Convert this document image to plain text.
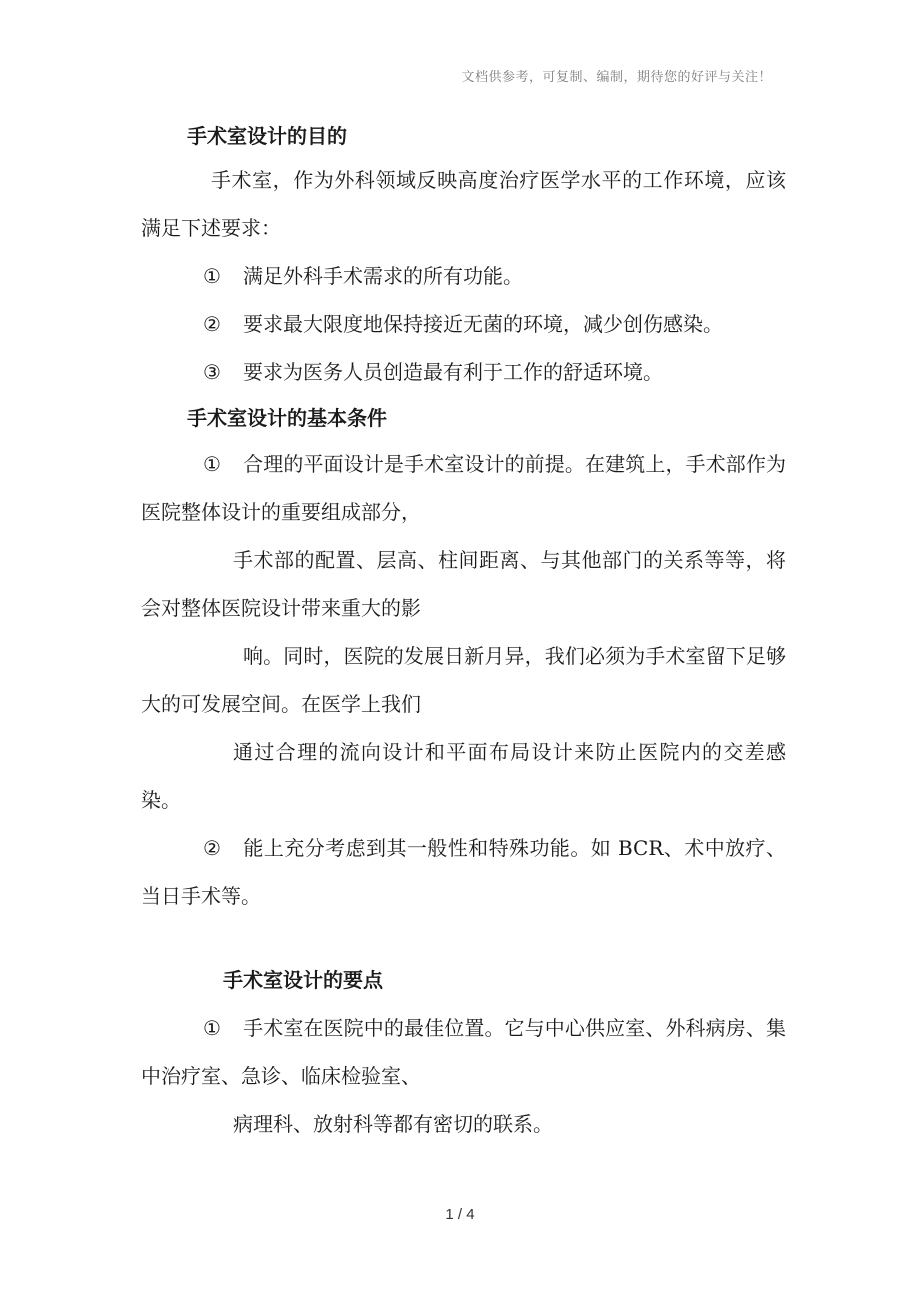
文档供参考，可复制、编制，期待您的好评与关注！
手术室设计的目的

手术室，作为外科领域反映高度治疗医学水平的工作环境，应该满足下述要求：

① 满足外科手术需求的所有功能。

② 要求最大限度地保持接近无菌的环境，减少创伤感染。

③ 要求为医务人员创造最有利于工作的舒适环境。

手术室设计的基本条件

① 合理的平面设计是手术室设计的前提。在建筑上，手术部作为医院整体设计的重要组成部分，

手术部的配置、层高、柱间距离、与其他部门的关系等等，将会对整体医院设计带来重大的影

响。同时，医院的发展日新月异，我们必须为手术室留下足够大的可发展空间。在医学上我们

通过合理的流向设计和平面布局设计来防止医院内的交差感染。

② 能上充分考虑到其一般性和特殊功能。如 BCR、术中放疗、当日手术等。

手术室设计的要点

① 手术室在医院中的最佳位置。它与中心供应室、外科病房、集中治疗室、急诊、临床检验室、

病理科、放射科等都有密切的联系。

1 / 4
